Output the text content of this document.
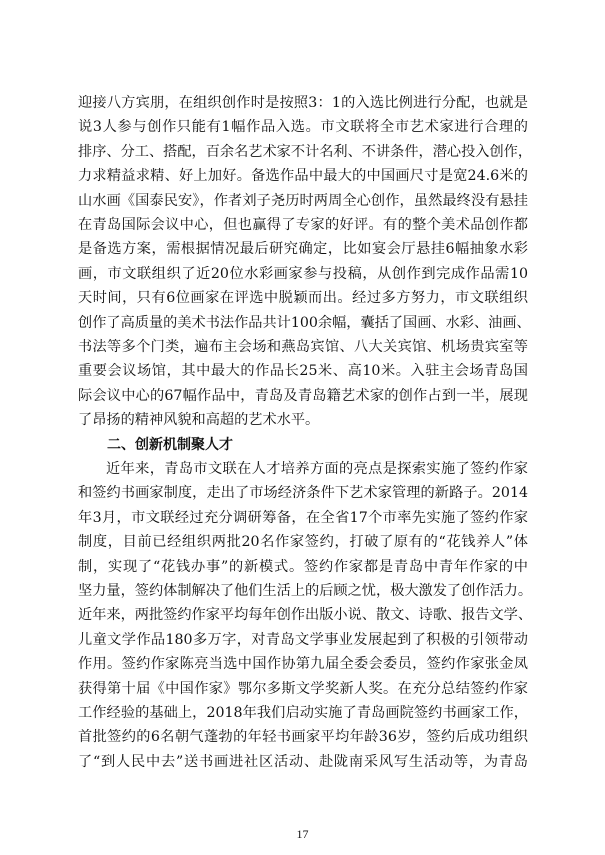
迎接八方宾朋，在组织创作时是按照3：1的入选比例进行分配，也就是
说3人参与创作只能有1幅作品入选。市文联将全市艺术家进行合理的
排序、分工、搭配，百余名艺术家不计名利、不讲条件，潜心投入创作，
力求精益求精、好上加好。备选作品中最大的中国画尺寸是宽24.6米的
山水画《国泰民安》，作者刘子尧历时两周全心创作，虽然最终没有悬挂
在青岛国际会议中心，但也赢得了专家的好评。有的整个美术品创作都
是备选方案，需根据情况最后研究确定，比如宴会厅悬挂6幅抽象水彩
画，市文联组织了近20位水彩画家参与投稿，从创作到完成作品需10
天时间，只有6位画家在评选中脱颖而出。经过多方努力，市文联组织
创作了高质量的美术书法作品共计100余幅，囊括了国画、水彩、油画、
书法等多个门类，遍布主会场和燕岛宾馆、八大关宾馆、机场贵宾室等
重要会议场馆，其中最大的作品长25米、高10米。入驻主会场青岛国
际会议中心的67幅作品中，青岛及青岛籍艺术家的创作占到一半，展现
了昂扬的精神风貌和高超的艺术水平。
二、创新机制聚人才
近年来，青岛市文联在人才培养方面的亮点是探索实施了签约作家
和签约书画家制度，走出了市场经济条件下艺术家管理的新路子。2014
年3月，市文联经过充分调研筹备，在全省17个市率先实施了签约作家
制度，目前已经组织两批20名作家签约，打破了原有的“花钱养人”体
制，实现了“花钱办事”的新模式。签约作家都是青岛中青年作家的中
坚力量，签约体制解决了他们生活上的后顾之忧，极大激发了创作活力。
近年来，两批签约作家平均每年创作出版小说、散文、诗歌、报告文学、
儿童文学作品180多万字，对青岛文学事业发展起到了积极的引领带动
作用。签约作家陈亮当选中国作协第九届全委会委员，签约作家张金凤
获得第十届《中国作家》鄂尔多斯文学奖新人奖。在充分总结签约作家
工作经验的基础上，2018年我们启动实施了青岛画院签约书画家工作，
首批签约的6名朝气蓬勃的年轻书画家平均年龄36岁，签约后成功组织
了“到人民中去”送书画进社区活动、赴陇南采风写生活动等，为青岛
17
